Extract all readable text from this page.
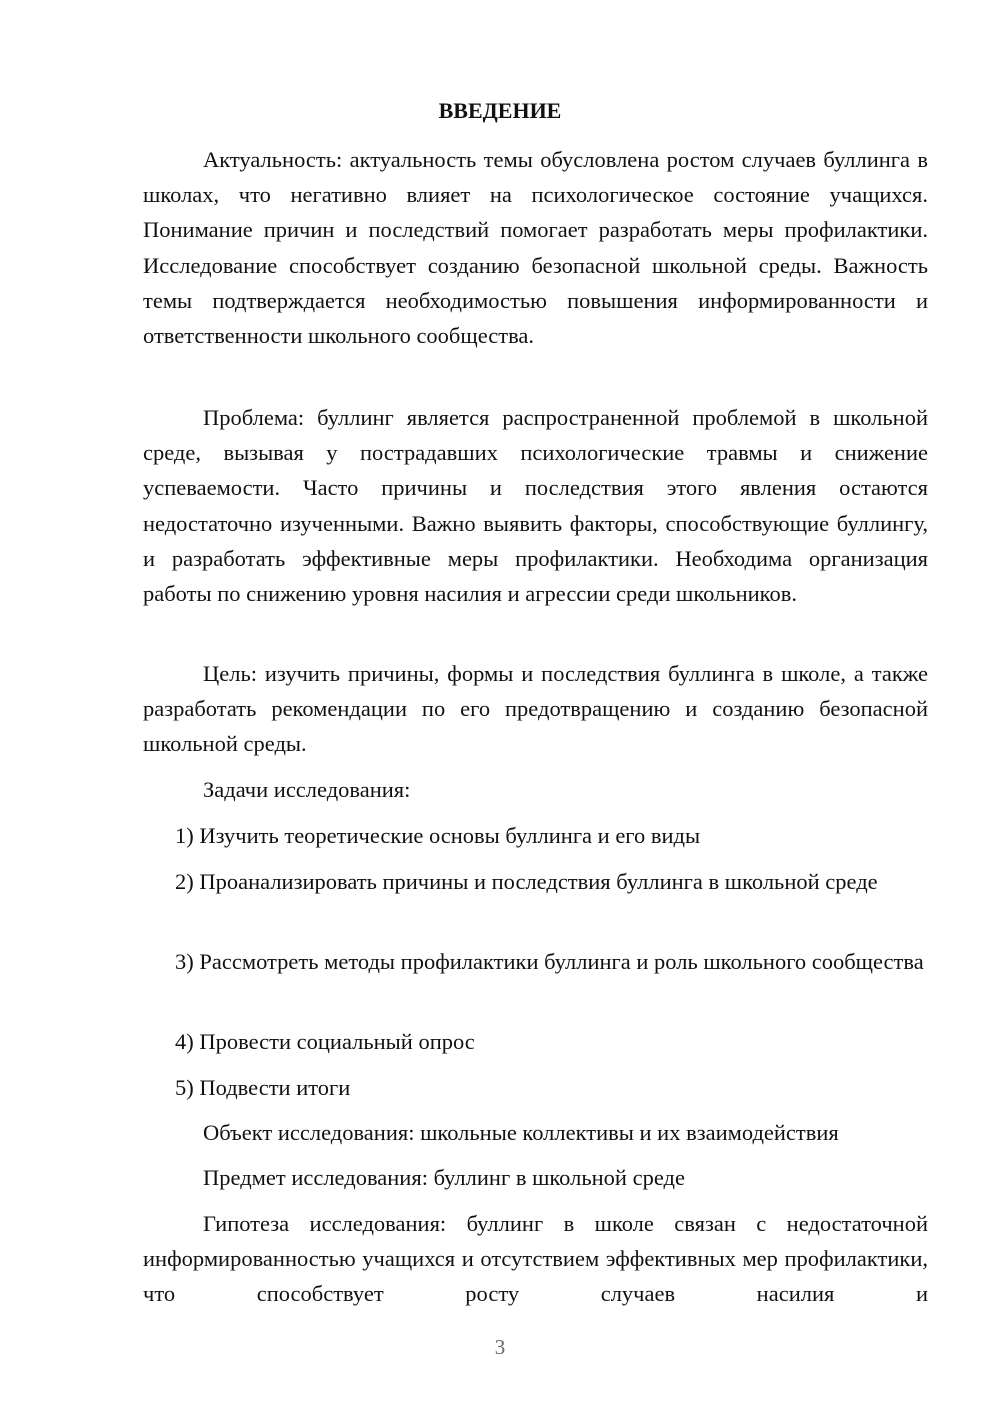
ВВЕДЕНИЕ

Актуальность: актуальность темы обусловлена ростом случаев буллинга в школах, что негативно влияет на психологическое состояние учащихся. Понимание причин и последствий помогает разработать меры профилактики. Исследование способствует созданию безопасной школьной среды. Важность темы подтверждается необходимостью повышения информированности и ответственности школьного сообщества.

Проблема: буллинг является распространенной проблемой в школьной среде, вызывая у пострадавших психологические травмы и снижение успеваемости. Часто причины и последствия этого явления остаются недостаточно изученными. Важно выявить факторы, способствующие буллингу, и разработать эффективные меры профилактики. Необходима организация работы по снижению уровня насилия и агрессии среди школьников.

Цель: изучить причины, формы и последствия буллинга в школе, а также разработать рекомендации по его предотвращению и созданию безопасной школьной среды.

Задачи исследования:

1) Изучить теоретические основы буллинга и его виды

2) Проанализировать причины и последствия буллинга в школьной среде

3) Рассмотреть методы профилактики буллинга и роль школьного сообщества

4) Провести социальный опрос

5) Подвести итоги

Объект исследования: школьные коллективы и их взаимодействия

Предмет исследования: буллинг в школьной среде

Гипотеза исследования: буллинг в школе связан с недостаточной информированностью учащихся и отсутствием эффективных мер профилактики, что способствует росту случаев насилия и

3
